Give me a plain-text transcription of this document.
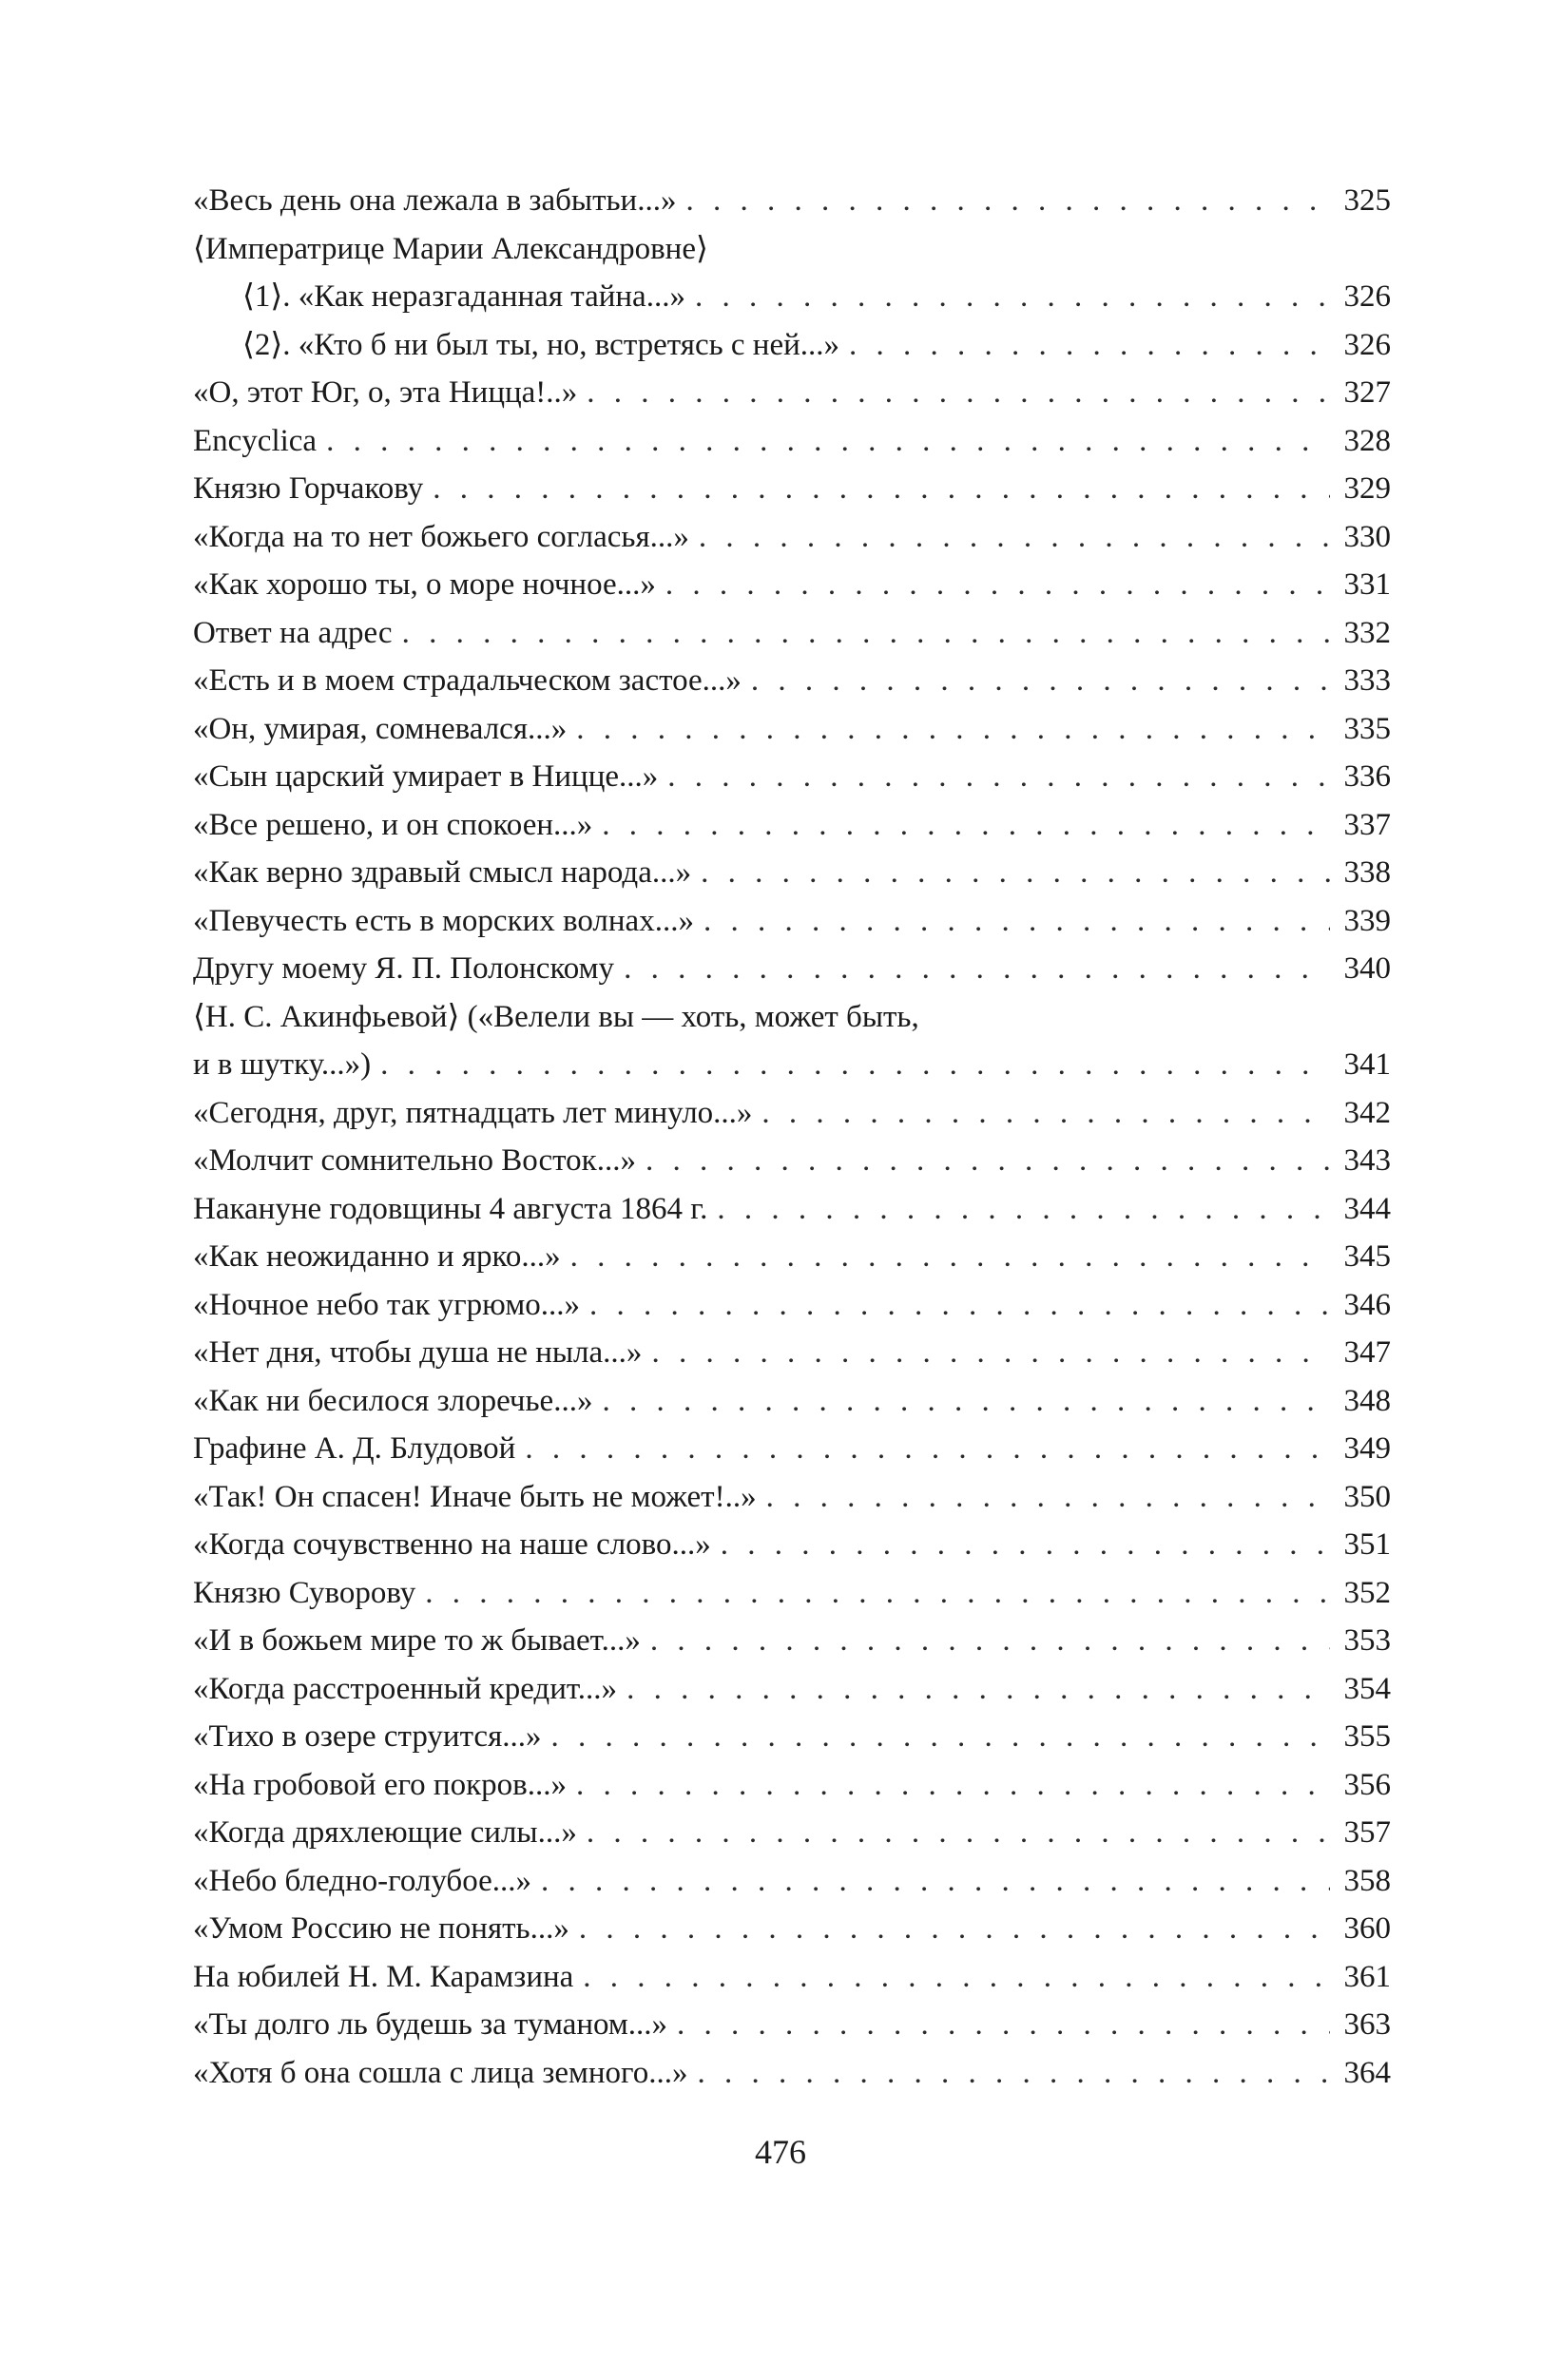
«Весь день она лежала в забытьи...» . . .	325
⟨Императрице Марии Александровне⟩
⟨1⟩. «Как неразгаданная тайна...» . . .	326
⟨2⟩. «Кто б ни был ты, но, встретясь с ней...» . . .	326
«О, этот Юг, о, эта Ницца!..» . . .	327
Encyclica . . .	328
Князю Горчакову . . .	329
«Когда на то нет божьего согласья...» . . .	330
«Как хорошо ты, о море ночное...» . . .	331
Ответ на адрес . . .	332
«Есть и в моем страдальческом застое...» . . .	333
«Он, умирая, сомневался...» . . .	335
«Сын царский умирает в Ницце...» . . .	336
«Все решено, и он спокоен...» . . .	337
«Как верно здравый смысл народа...» . . .	338
«Певучесть есть в морских волнах...» . . .	339
Другу моему Я. П. Полонскому . . .	340
⟨Н. С. Акинфьевой⟩ («Велели вы — хоть, может быть,
и в шутку...») . . .	341
«Сегодня, друг, пятнадцать лет минуло...» . . .	342
«Молчит сомнительно Восток...» . . .	343
Накануне годовщины 4 августа 1864 г. . . .	344
«Как неожиданно и ярко...» . . .	345
«Ночное небо так угрюмо...» . . .	346
«Нет дня, чтобы душа не ныла...» . . .	347
«Как ни бесилося злоречье...» . . .	348
Графине А. Д. Блудовой . . .	349
«Так! Он спасен! Иначе быть не может!..» . . .	350
«Когда сочувственно на наше слово...» . . .	351
Князю Суворову . . .	352
«И в божьем мире то ж бывает...» . . .	353
«Когда расстроенный кредит...» . . .	354
«Тихо в озере струится...» . . .	355
«На гробовой его покров...» . . .	356
«Когда дряхлеющие силы...» . . .	357
«Небо бледно-голубое...» . . .	358
«Умом Россию не понять...» . . .	360
На юбилей Н. М. Карамзина . . .	361
«Ты долго ль будешь за туманом...» . . .	363
«Хотя б она сошла с лица земного...» . . .	364
476
